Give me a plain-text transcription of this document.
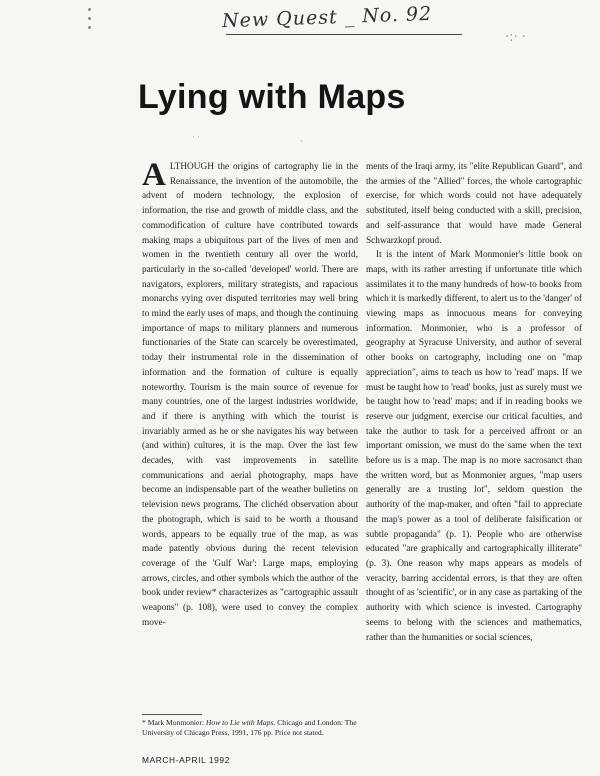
New Quest _ No. 92
·:· ·
Lying with Maps

ALTHOUGH the origins of cartography lie in the Renaissance, the invention of the automobile, the advent of modern technology, the explosion of information, the rise and growth of middle class, and the commodification of culture have contributed towards making maps a ubiquitous part of the lives of men and women in the twentieth century all over the world, particularly in the so-called 'developed' world. There are navigators, explorers, military strategists, and rapacious monarchs vying over disputed territories may well bring to mind the early uses of maps, and though the continuing importance of maps to military planners and numerous functionaries of the State can scarcely be overestimated, today their instrumental role in the dissemination of information and the formation of culture is equally noteworthy. Tourism is the main source of revenue for many countries, one of the largest industries worldwide, and if there is anything with which the tourist is invariably armed as he or she navigates his way between (and within) cultures, it is the map. Over the last few decades, with vast improvements in satellite communications and aerial photography, maps have become an indispensable part of the weather bulletins on television news programs. The clichéd observation about the photograph, which is said to be worth a thousand words, appears to be equally true of the map, as was made patently obvious during the recent television coverage of the 'Gulf War': Large maps, employing arrows, circles, and other symbols which the author of the book under review* characterizes as "cartographic assault weapons" (p. 108), were used to convey the complex move-

ments of the Iraqi army, its "elite Republican Guard", and the armies of the "Allied" forces, the whole cartographic exercise, for which words could not have adequately substituted, itself being conducted with a skill, precision, and self-assurance that would have made General Schwarzkopf proud.

It is the intent of Mark Monmonier's little book on maps, with its rather arresting if unfortunate title which assimilates it to the many hundreds of how-to books from which it is markedly different, to alert us to the 'danger' of viewing maps as innocuous means for conveying information. Monmonier, who is a professor of geography at Syracuse University, and author of several other books on cartography, including one on "map appreciation", aims to teach us how to 'read' maps. If we must be taught how to 'read' books, just as surely must we be taught how to 'read' maps; and if in reading books we reserve our judgment, exercise our critical faculties, and take the author to task for a perceived affront or an important omission, we must do the same when the text before us is a map. The map is no more sacrosanct than the written word, but as Monmonier argues, "map users generally are a trusting lot", seldom question the authority of the map-maker, and often "fail to appreciate the map's power as a tool of deliberate falsification or subtle propaganda" (p. 1). People who are otherwise educated "are graphically and cartographically illiterate" (p. 3). One reason why maps appears as models of veracity, barring accidental errors, is that they are often thought of as 'scientific', or in any case as partaking of the authority with which science is invested. Cartography seems to belong with the sciences and mathematics, rather than the humanities or social sciences,

* Mark Monmonier: How to Lie with Maps. Chicago and London: The University of Chicago Press, 1991, 176 pp. Price not stated.
MARCH-APRIL 1992
· ·	·
